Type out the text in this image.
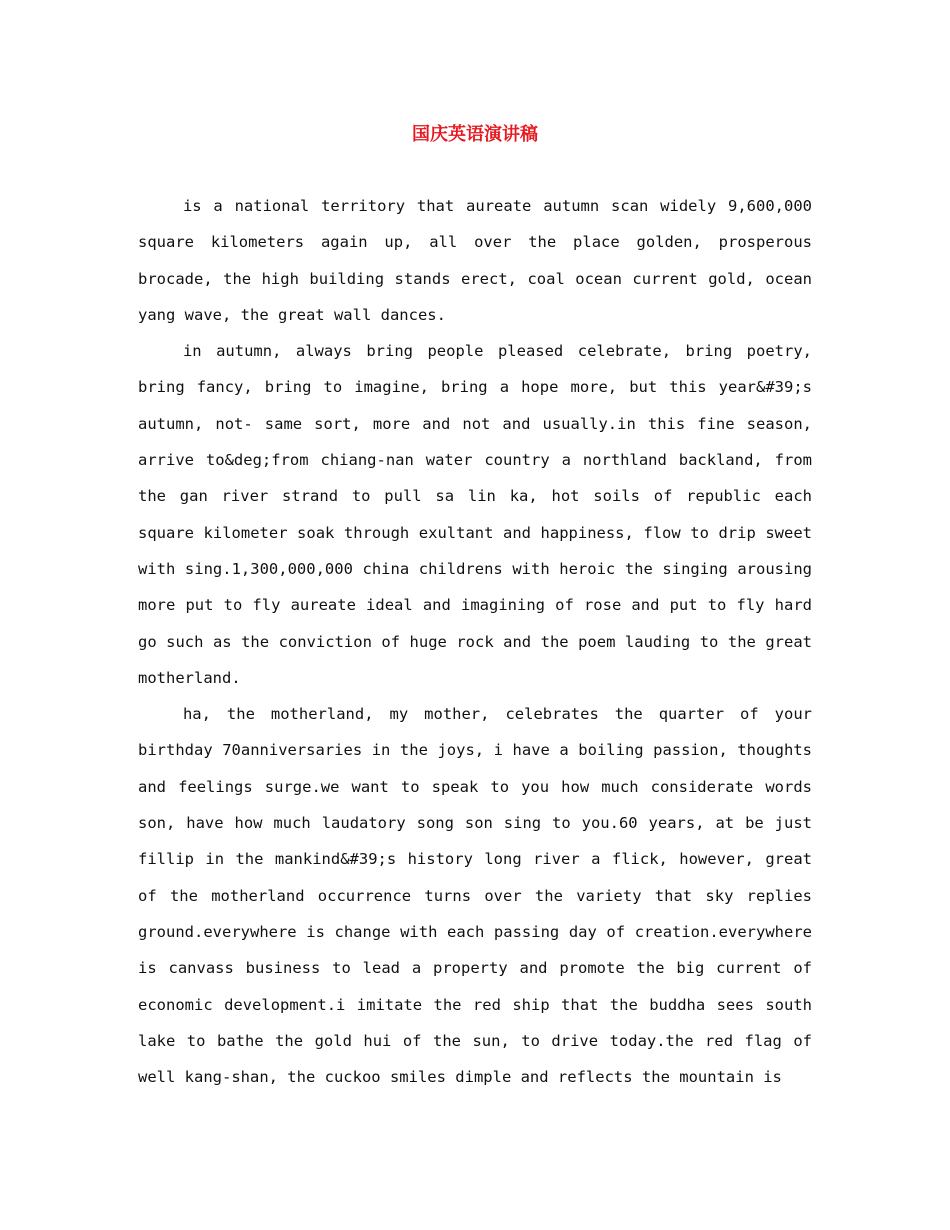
国庆英语演讲稿

is a national territory that aureate autumn scan widely 9,600,000 square kilometers again up, all over the place golden, prosperous brocade, the high building stands erect, coal ocean current gold, ocean yang wave, the great wall dances.

in autumn, always bring people pleased celebrate, bring poetry, bring fancy, bring to imagine, bring a hope more, but this year&#39;s autumn, not- same sort, more and not and usually.in this fine season, arrive to&deg;from chiang-nan water country a northland backland, from the gan river strand to pull sa lin ka, hot soils of republic each square kilometer soak through exultant and happiness, flow to drip sweet with sing.1,300,000,000 china childrens with heroic the singing arousing more put to fly aureate ideal and imagining of rose and put to fly hard go such as the conviction of huge rock and the poem lauding to the great motherland.

ha, the motherland, my mother, celebrates the quarter of your birthday 70anniversaries in the joys, i have a boiling passion, thoughts and feelings surge.we want to speak to you how much considerate words son, have how much laudatory song son sing to you.60 years, at be just fillip in the mankind&#39;s history long river a flick, however, great of the motherland occurrence turns over the variety that sky replies ground.everywhere is change with each passing day of creation.everywhere is canvass business to lead a property and promote the big current of economic development.i imitate the red ship that the buddha sees south lake to bathe the gold hui of the sun, to drive today.the red flag of well kang-shan, the cuckoo smiles dimple and reflects the mountain is
